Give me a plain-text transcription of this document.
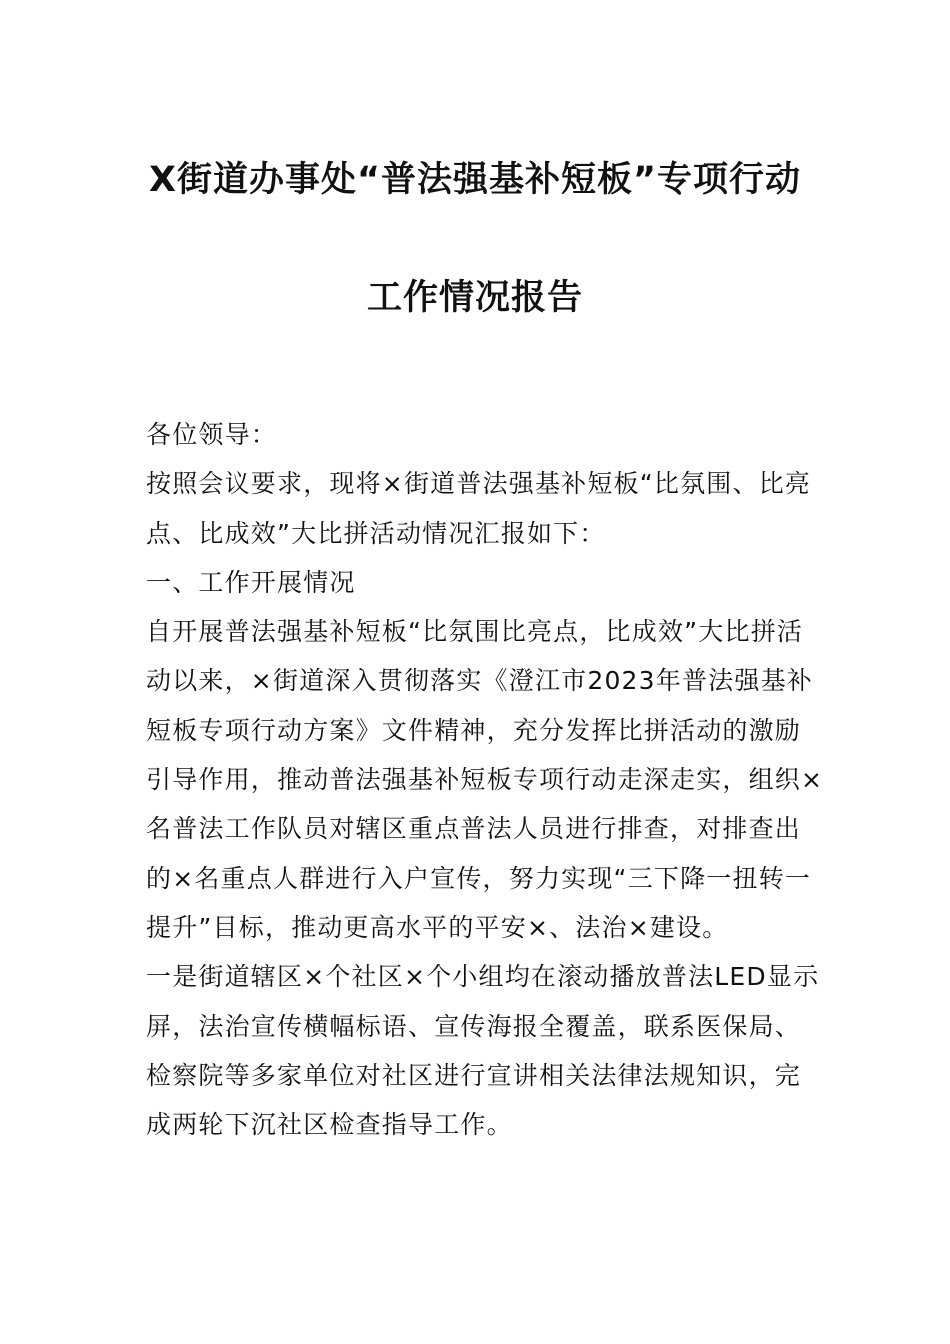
X街道办事处“普法强基补短板”专项行动
工作情况报告

各位领导：

按照会议要求，现将×街道普法强基补短板“比氛围、比亮点、比成效”大比拼活动情况汇报如下：

一、工作开展情况

自开展普法强基补短板“比氛围比亮点，比成效”大比拼活动以来，×街道深入贯彻落实《澄江市2023年普法强基补短板专项行动方案》文件精神，充分发挥比拼活动的激励引导作用，推动普法强基补短板专项行动走深走实，组织×名普法工作队员对辖区重点普法人员进行排查，对排查出的×名重点人群进行入户宣传，努力实现“三下降一扭转一提升”目标，推动更高水平的平安×、法治×建设。

一是街道辖区×个社区×个小组均在滚动播放普法LED显示屏，法治宣传横幅标语、宣传海报全覆盖，联系医保局、检察院等多家单位对社区进行宣讲相关法律法规知识，完成两轮下沉社区检查指导工作。
